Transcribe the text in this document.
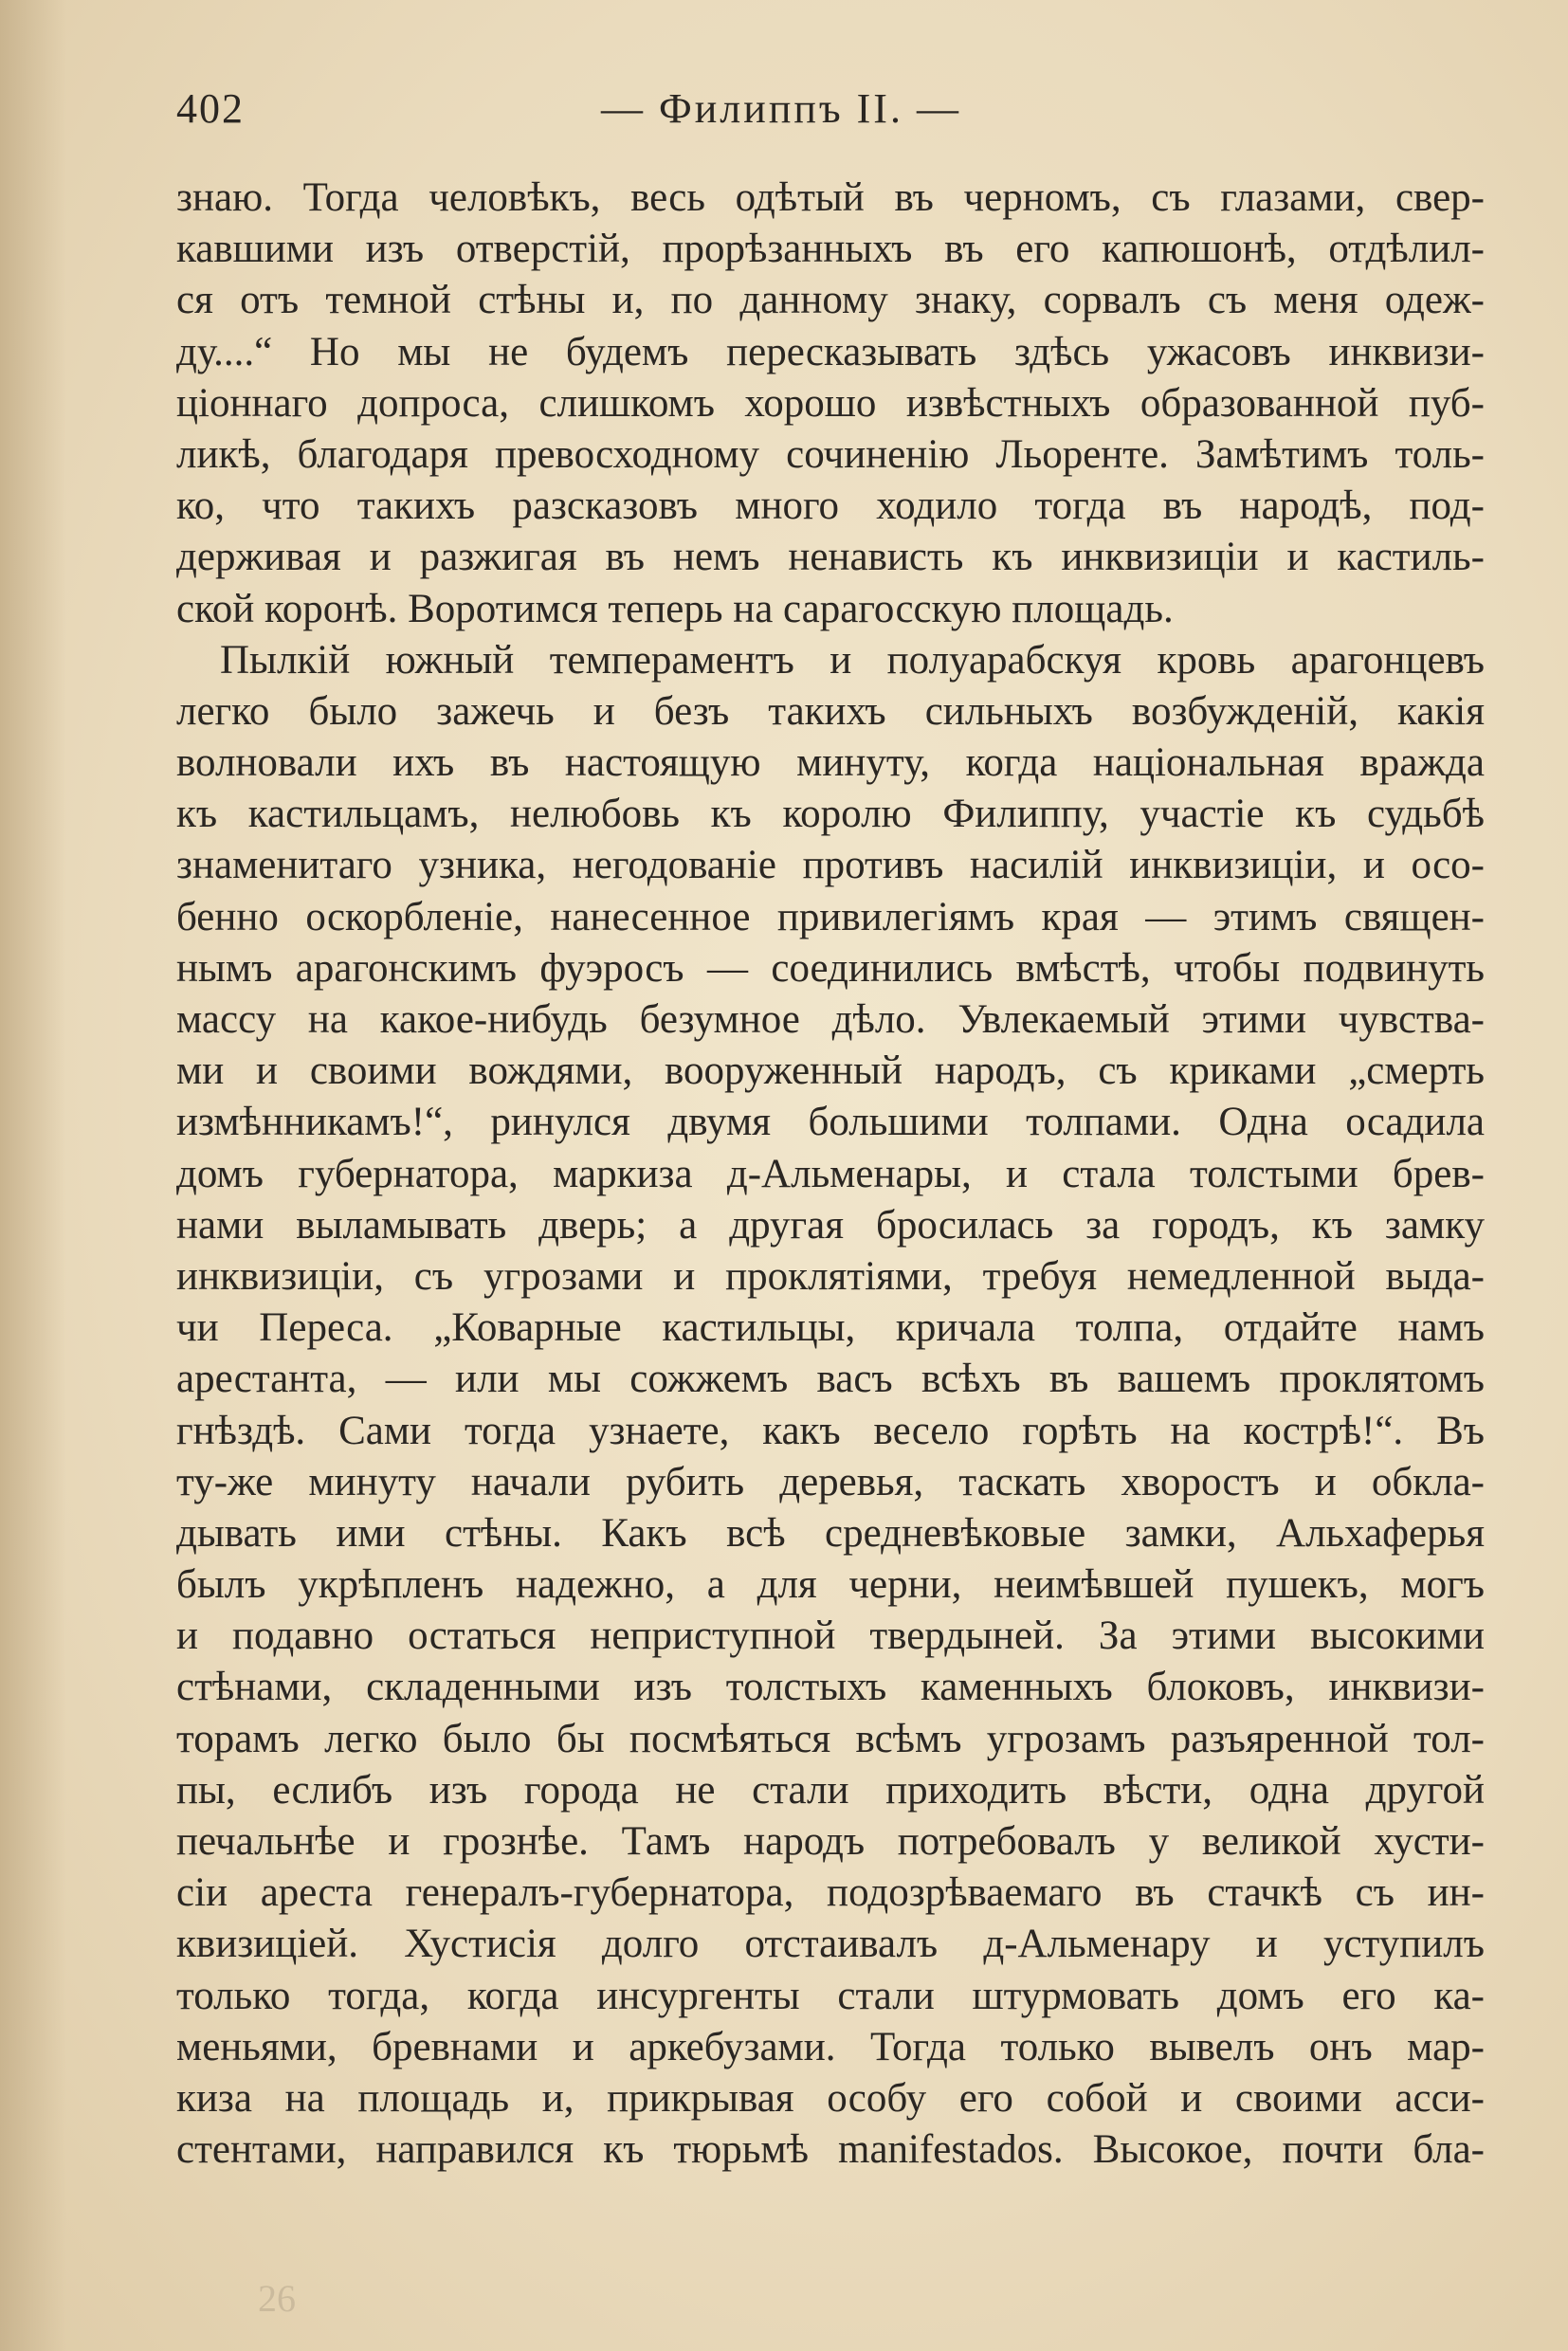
402	— Филиппъ II. —
знаю. Тогда человѣкъ, весь одѣтый въ черномъ, съ глазами, свер-
кавшими изъ отверстій, прорѣзанныхъ въ его капюшонѣ, отдѣлил-
ся отъ темной стѣны и, по данному знаку, сорвалъ съ меня одеж-
ду....“ Но мы не будемъ пересказывать здѣсь ужасовъ инквизи-
ціоннаго допроса, слишкомъ хорошо извѣстныхъ образованной пуб-
ликѣ, благодаря превосходному сочиненію Льоренте. Замѣтимъ толь-
ко, что такихъ разсказовъ много ходило тогда въ народѣ, под-
держивая и разжигая въ немъ ненависть къ инквизиціи и кастиль-
ской коронѣ. Воротимся теперь на сарагосскую площадь.
Пылкій южный темпераментъ и полуарабскуя кровь арагонцевъ
легко было зажечь и безъ такихъ сильныхъ возбужденій, какія
волновали ихъ въ настоящую минуту, когда національная вражда
къ кастильцамъ, нелюбовь къ королю Филиппу, участіе къ судьбѣ
знаменитаго узника, негодованіе противъ насилій инквизиціи, и осо-
бенно оскорбленіе, нанесенное привилегіямъ края — этимъ священ-
нымъ арагонскимъ фуэросъ — соединились вмѣстѣ, чтобы подвинуть
массу на какое-нибудь безумное дѣло. Увлекаемый этими чувства-
ми и своими вождями, вооруженный народъ, съ криками „смерть
измѣнникамъ!“, ринулся двумя большими толпами. Одна осадила
домъ губернатора, маркиза д-Альменары, и стала толстыми брев-
нами выламывать дверь; а другая бросилась за городъ, къ замку
инквизиціи, съ угрозами и проклятіями, требуя немедленной выда-
чи Переса. „Коварные кастильцы, кричала толпа, отдайте намъ
арестанта, — или мы сожжемъ васъ всѣхъ въ вашемъ проклятомъ
гнѣздѣ. Сами тогда узнаете, какъ весело горѣть на кострѣ!“. Въ
ту-же минуту начали рубить деревья, таскать хворостъ и обкла-
дывать ими стѣны. Какъ всѣ средневѣковые замки, Альхаферья
былъ укрѣпленъ надежно, а для черни, неимѣвшей пушекъ, могъ
и подавно остаться неприступной твердыней. За этими высокими
стѣнами, складенными изъ толстыхъ каменныхъ блоковъ, инквизи-
торамъ легко было бы посмѣяться всѣмъ угрозамъ разъяренной тол-
пы, еслибъ изъ города не стали приходить вѣсти, одна другой
печальнѣе и грознѣе. Тамъ народъ потребовалъ у великой хусти-
сіи ареста генералъ-губернатора, подозрѣваемаго въ стачкѣ съ ин-
квизиціей. Хустисія долго отстаивалъ д-Альменару и уступилъ
только тогда, когда инсургенты стали штурмовать домъ его ка-
меньями, бревнами и аркебузами. Тогда только вывелъ онъ мар-
киза на площадь и, прикрывая особу его собой и своими асси-
стентами, направился къ тюрьмѣ manifestados. Высокое, почти бла-
26
